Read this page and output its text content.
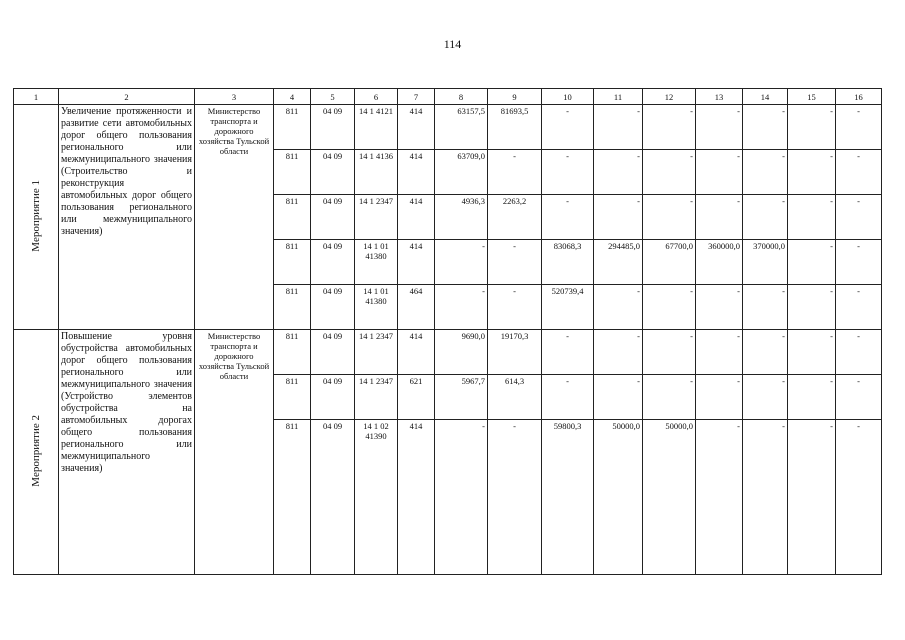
114
1	2	3	4	5	6	7	8	9	10	11	12	13	14	15	16
Мероприятие 1	Увеличение протяженности и развитие сети автомобильных дорог общего пользования регионального или межмуниципального значения (Строительство и реконструкция автомобильных дорог общего пользования регионального или межмуниципального значения)	Министерство транспорта и дорожного хозяйства Тульской области	811	04 09	14 1 4121	414	63157,5	81693,5	-	-	-	-	-	-	-
			811	04 09	14 1 4136	414	63709,0	-	-	-	-	-	-	-	-
			811	04 09	14 1 2347	414	4936,3	2263,2	-	-	-	-	-	-	-
			811	04 09	14 1 01 41380	414	-	-	83068,3	294485,0	67700,0	360000,0	370000,0	-	-
			811	04 09	14 1 01 41380	464	-	-	520739,4	-	-	-	-	-	-
Мероприятие 2	Повышение уровня обустройства автомобильных дорог общего пользования регионального или межмуниципального значения (Устройство элементов обустройства на автомобильных дорогах общего пользования регионального или межмуниципального значения)	Министерство транспорта и дорожного хозяйства Тульской области	811	04 09	14 1 2347	414	9690,0	19170,3	-	-	-	-	-	-	-
			811	04 09	14 1 2347	621	5967,7	614,3	-	-	-	-	-	-	-
			811	04 09	14 1 02 41390	414	-	-	59800,3	50000,0	50000,0	-	-	-	-
